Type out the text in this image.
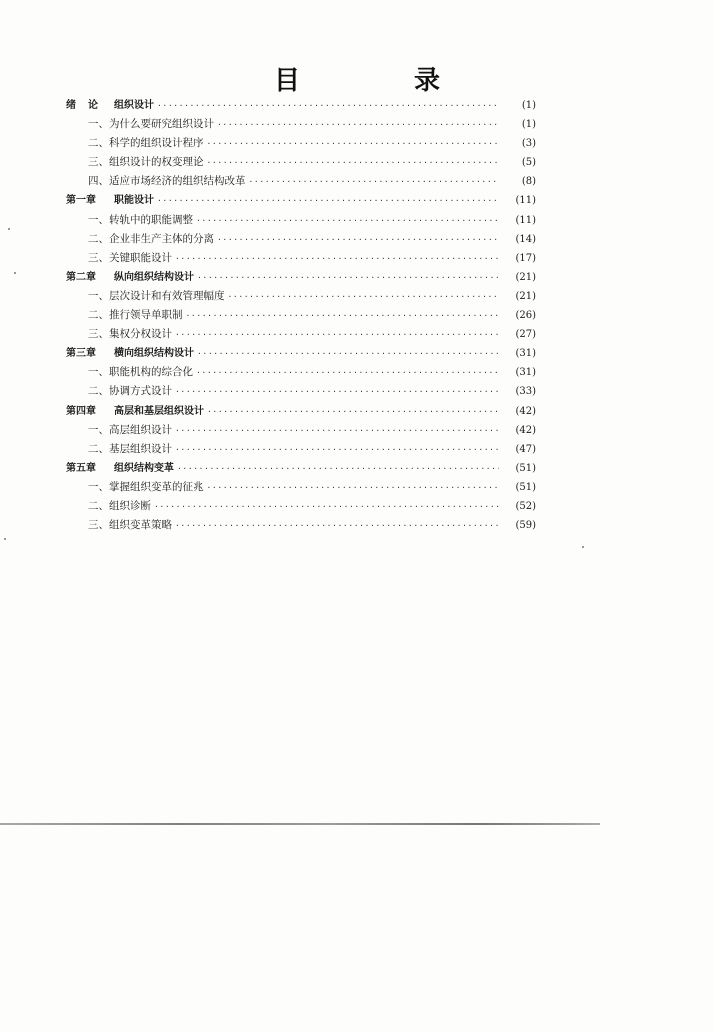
目　录
绪论 组织设计 ·····	(1)
一、为什么要研究组织设计 ·····	(1)
二、科学的组织设计程序 ·····	(3)
三、组织设计的权变理论 ·····	(5)
四、适应市场经济的组织结构改革 ·····	(8)
第一章	职能设计 ·····	(11)
一、转轨中的职能调整 ·····	(11)
二、企业非生产主体的分离 ·····	(14)
三、关键职能设计 ·····	(17)
第二章	纵向组织结构设计 ·····	(21)
一、层次设计和有效管理幅度 ·····	(21)
二、推行领导单职制 ·····	(26)
三、集权分权设计 ·····	(27)
第三章	横向组织结构设计 ·····	(31)
一、职能机构的综合化 ·····	(31)
二、协调方式设计 ·····	(33)
第四章	高层和基层组织设计 ·····	(42)
一、高层组织设计 ·····	(42)
二、基层组织设计 ·····	(47)
第五章	组织结构变革 ·····	(51)
一、掌握组织变革的征兆 ·····	(51)
二、组织诊断 ·····	(52)
三、组织变革策略 ·····	(59)
